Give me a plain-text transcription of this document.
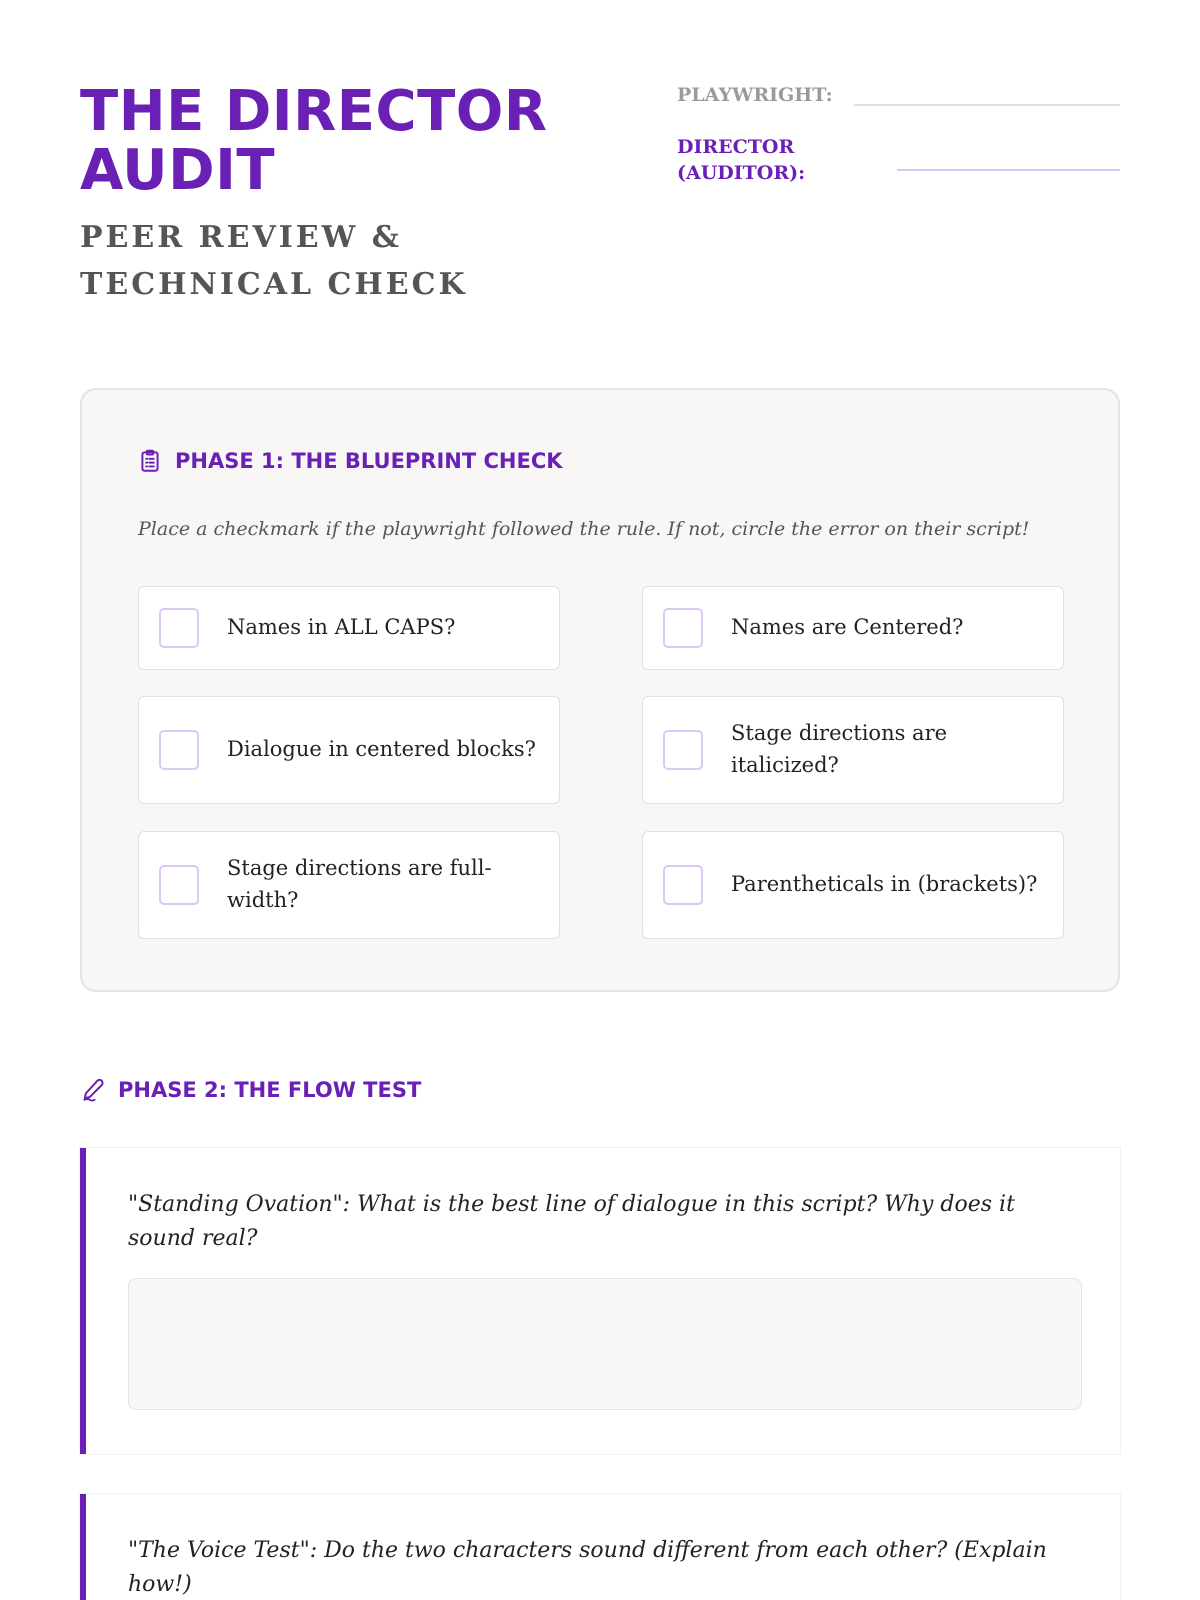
THE DIRECTOR AUDIT
PEER REVIEW & TECHNICAL CHECK
PLAYWRIGHT:
DIRECTOR (AUDITOR):
PHASE 1: THE BLUEPRINT CHECK

Place a checkmark if the playwright followed the rule. If not, circle the error on their script!

Names in ALL CAPS?	Names are Centered?
Dialogue in centered blocks?
Stage directions are italicized?
Stage directions are full-width?
Parentheticals in (brackets)?
PHASE 2: THE FLOW TEST

"Standing Ovation": What is the best line of dialogue in this script? Why does it sound real?

"The Voice Test": Do the two characters sound different from each other? (Explain how!)
